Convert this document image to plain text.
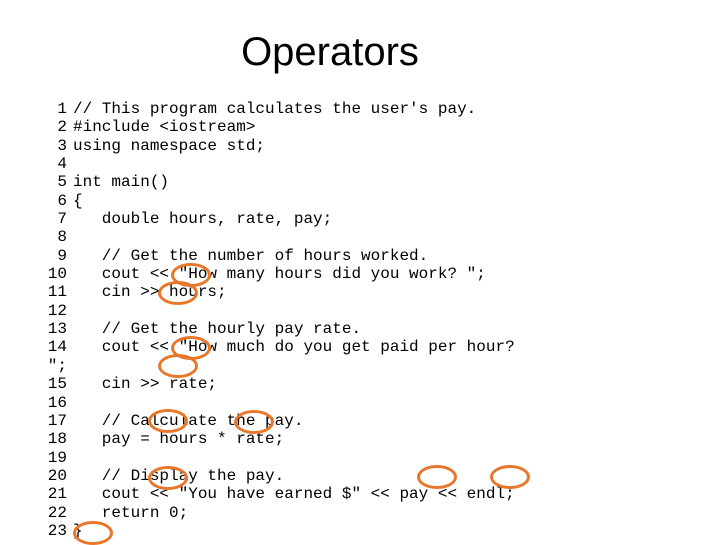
Operators
1 // This program calculates the user's pay.
2 #include <iostream>
3 using namespace std;
4
5 int main()
6 {
7   double hours, rate, pay;
8
9   // Get the number of hours worked.
10   cout << "How many hours did you work? ";
11   cin >> hours;
12
13   // Get the hourly pay rate.
14   cout << "How much do you get paid per hour?
";
15   cin >> rate;
16
17   // Calculate the pay.
18   pay = hours * rate;
19
20   // Display the pay.
21   cout << "You have earned $" << pay << endl;
22   return 0;
23 }
